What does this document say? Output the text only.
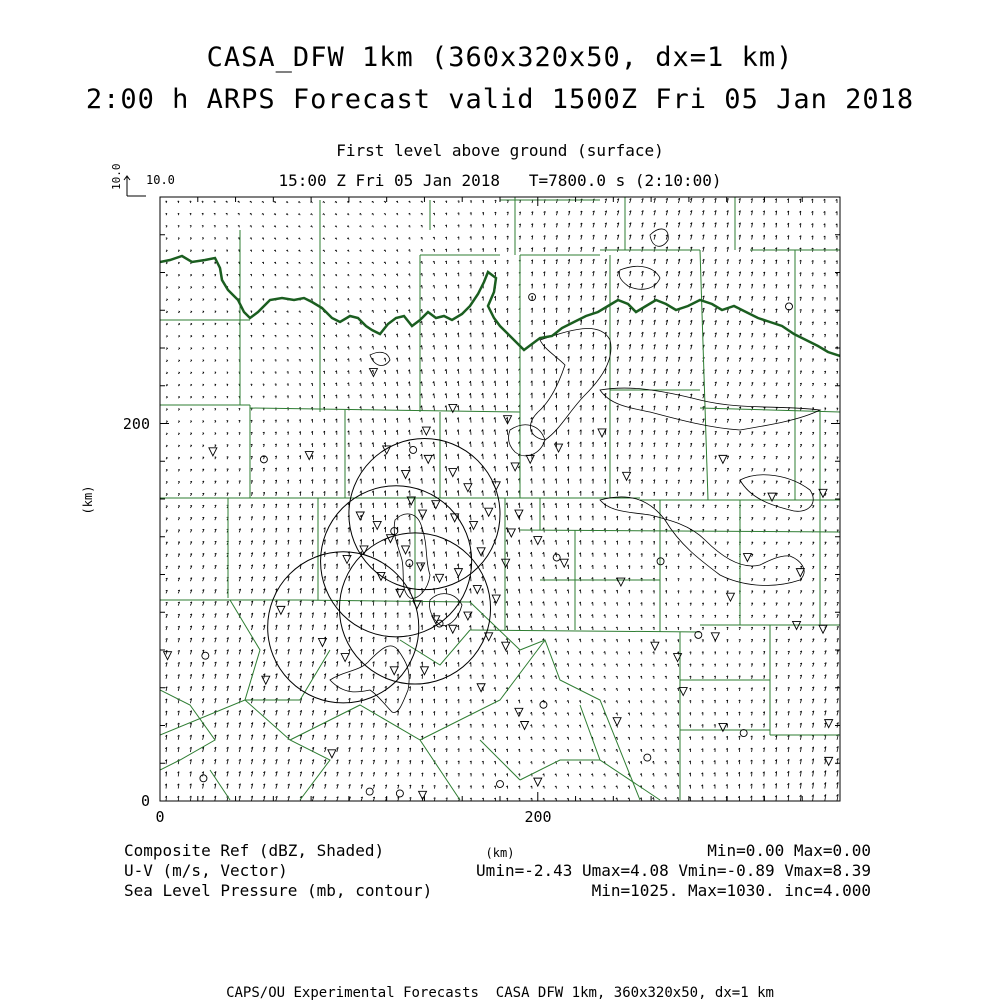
CASA_DFW 1km (360x320x50, dx=1 km)
2:00 h ARPS Forecast valid 1500Z Fri 05 Jan 2018
First level above ground (surface)
15:00 Z Fri 05 Jan 2018   T=7800.0 s (2:10:00)
10.0 10.0
0	200
0
200
(km)
(km)
Composite Ref (dBZ, Shaded)	Min=0.00 Max=0.00
U-V (m/s, Vector)	Umin=-2.43 Umax=4.08 Vmin=-0.89 Vmax=8.39
Sea Level Pressure (mb, contour)	Min=1025. Max=1030. inc=4.000
CAPS/OU Experimental Forecasts  CASA DFW 1km, 360x320x50, dx=1 km
